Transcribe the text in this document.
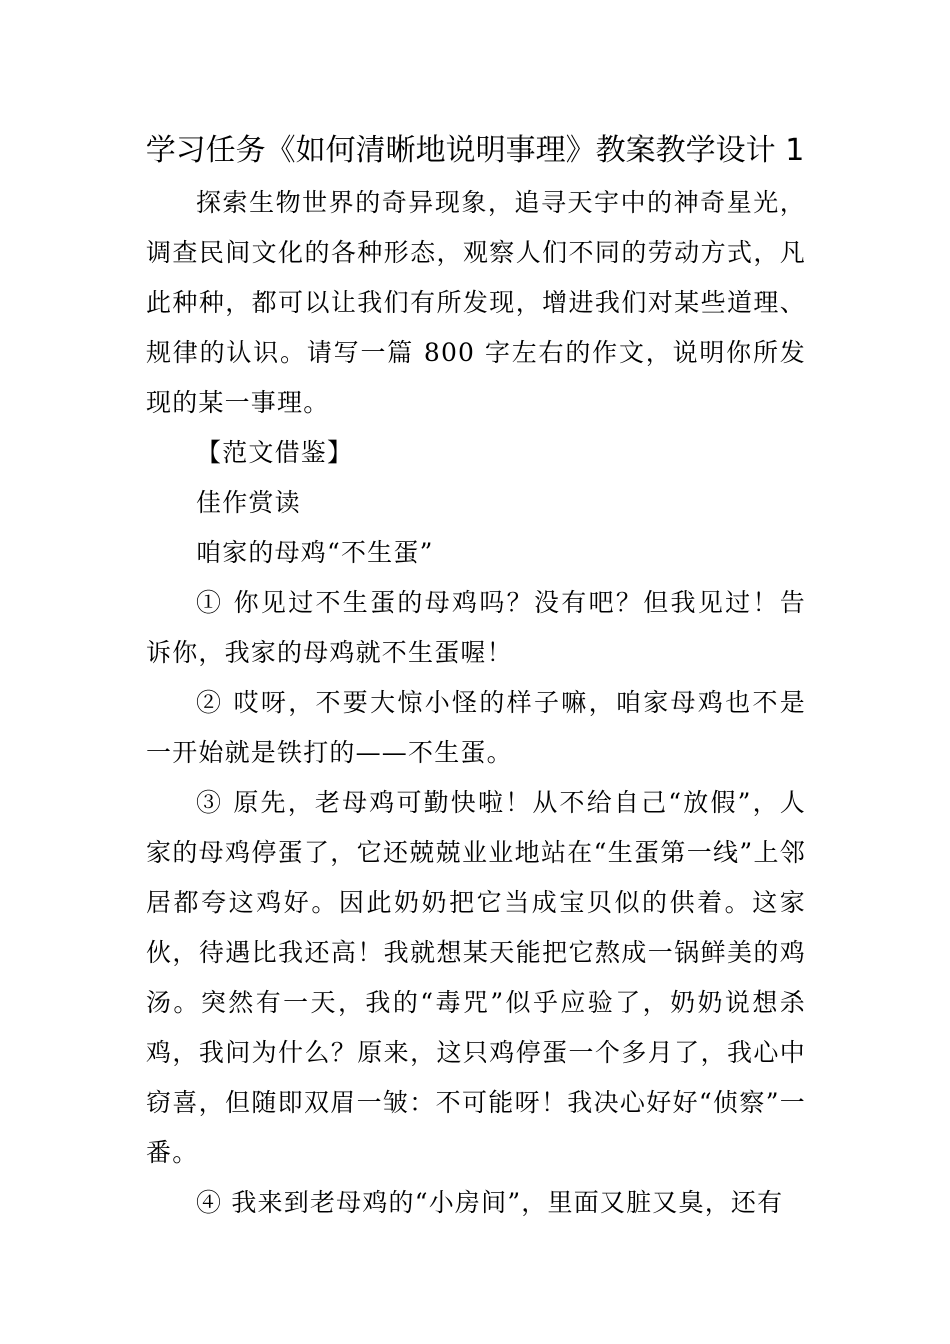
学习任务《如何清晰地说明事理》教案教学设计 1

探索生物世界的奇异现象，追寻天宇中的神奇星光，调查民间文化的各种形态，观察人们不同的劳动方式，凡此种种，都可以让我们有所发现，增进我们对某些道理、规律的认识。请写一篇 800 字左右的作文，说明你所发现的某一事理。

【范文借鉴】

佳作赏读

咱家的母鸡“不生蛋”

① 你见过不生蛋的母鸡吗？没有吧？但我见过！告诉你，我家的母鸡就不生蛋喔！

② 哎呀，不要大惊小怪的样子嘛，咱家母鸡也不是一开始就是铁打的——不生蛋。

③ 原先，老母鸡可勤快啦！从不给自己“放假”，人家的母鸡停蛋了，它还兢兢业业地站在“生蛋第一线”上邻居都夸这鸡好。因此奶奶把它当成宝贝似的供着。这家伙，待遇比我还高！我就想某天能把它熬成一锅鲜美的鸡汤。突然有一天，我的“毒咒”似乎应验了，奶奶说想杀鸡，我问为什么？原来，这只鸡停蛋一个多月了，我心中窃喜，但随即双眉一皱：不可能呀！我决心好好“侦察”一番。

④ 我来到老母鸡的“小房间”，里面又脏又臭，还有
